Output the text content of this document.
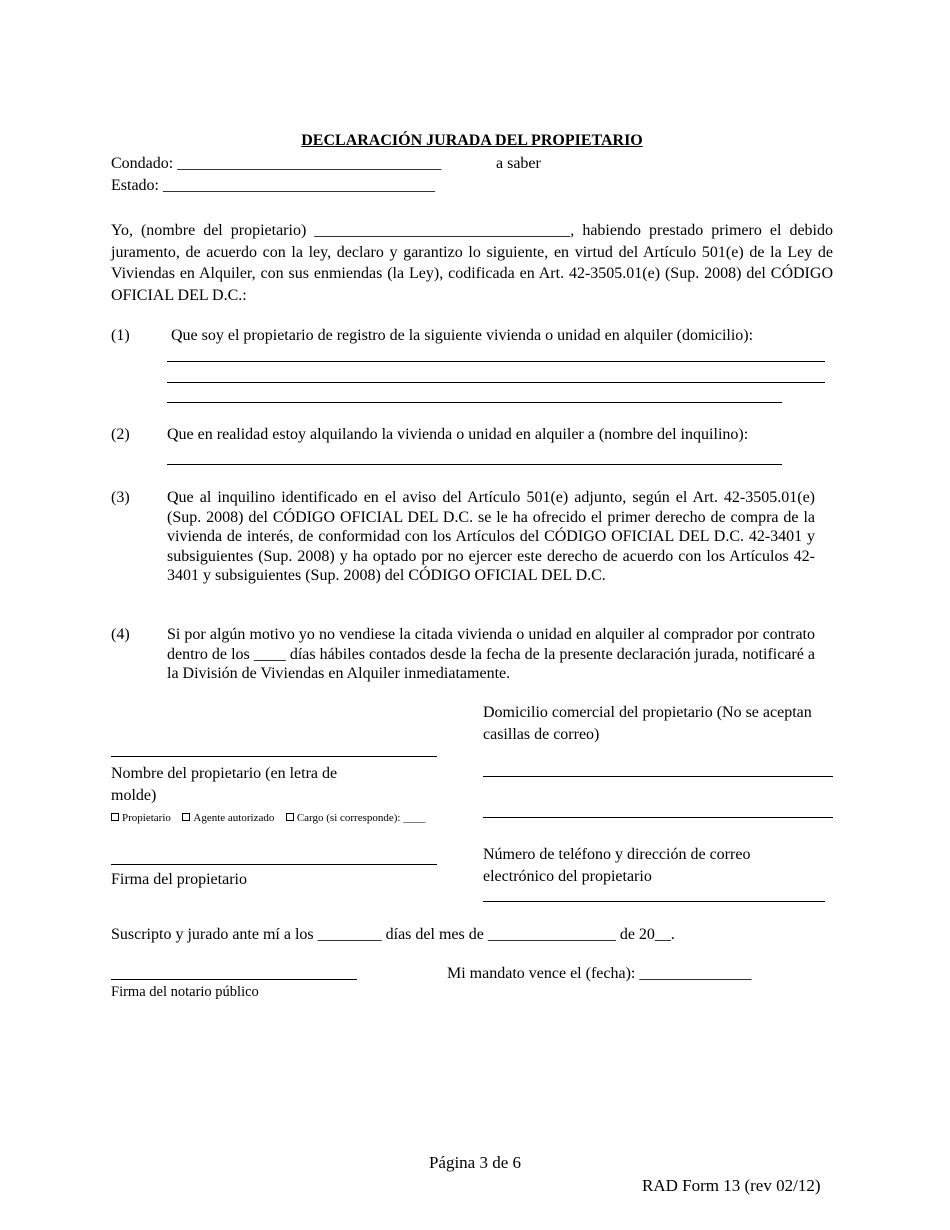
DECLARACIÓN JURADA DEL PROPIETARIO
Condado: _________________________________	a saber
Estado: __________________________________
Yo, (nombre del propietario) ________________________________, habiendo prestado primero el debido juramento, de acuerdo con la ley, declaro y garantizo lo siguiente, en virtud del Artículo 501(e) de la Ley de Viviendas en Alquiler, con sus enmiendas (la Ley), codificada en Art. 42-3505.01(e) (Sup. 2008) del CÓDIGO OFICIAL DEL D.C.:
(1)	Que soy el propietario de registro de la siguiente vivienda o unidad en alquiler (domicilio):
(2) Que en realidad estoy alquilando la vivienda o unidad en alquiler a (nombre del inquilino):
(3) Que al inquilino identificado en el aviso del Artículo 501(e) adjunto, según el Art. 42-3505.01(e) (Sup. 2008) del CÓDIGO OFICIAL DEL D.C. se le ha ofrecido el primer derecho de compra de la vivienda de interés, de conformidad con los Artículos del CÓDIGO OFICIAL DEL D.C. 42-3401 y subsiguientes (Sup. 2008) y ha optado por no ejercer este derecho de acuerdo con los Artículos 42-3401 y subsiguientes (Sup. 2008) del CÓDIGO OFICIAL DEL D.C.
(4) Si por algún motivo yo no vendiese la citada vivienda o unidad en alquiler al comprador por contrato dentro de los ____ días hábiles contados desde la fecha de la presente declaración jurada, notificaré a la División de Viviendas en Alquiler inmediatamente.
Domicilio comercial del propietario (No se aceptan casillas de correo)
Nombre del propietario (en letra de molde)
Propietario Agente autorizado Cargo (si corresponde): ____
Firma del propietario
Número de teléfono y dirección de correo electrónico del propietario
Suscripto y jurado ante mí a los ________ días del mes de ________________ de 20__.
Firma del notario público
Mi mandato vence el (fecha): ______________
Página 3 de 6
RAD Form 13 (rev 02/12)
